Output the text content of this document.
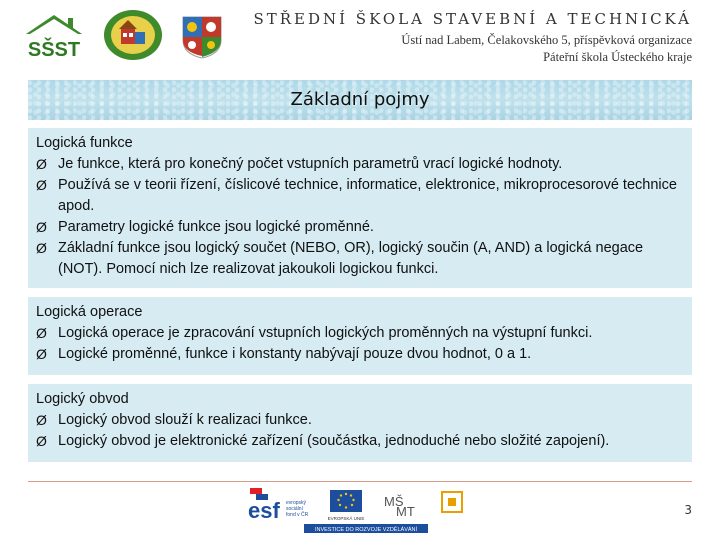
SŠST
STŘEDNÍ ŠKOLA STAVEBNÍ A TECHNICKÁ
Ústí nad Labem, Čelakovského 5, příspěvková organizace
Páteřní škola Ústeckého kraje
Základní pojmy
Logická funkce
Ø Je funkce, která pro konečný počet vstupních parametrů vrací logické hodnoty.
Ø Používá se v teorii řízení, číslicové technice, informatice, elektronice, mikroprocesorové technice apod.
Ø Parametry logické funkce jsou logické proměnné.
Ø Základní funkce jsou logický součet (NEBO, OR), logický součin (A, AND) a logická negace (NOT). Pomocí nich lze realizovat jakoukoli logickou funkci.
Logická operace
Ø Logická operace je zpracování vstupních logických proměnných na výstupní funkci.
Ø Logické proměnné, funkce i konstanty nabývají pouze dvou hodnot, 0 a 1.
Logický obvod
Ø Logický obvod slouží k realizaci funkce.
Ø Logický obvod je elektronické zařízení (součástka, jednoduché nebo složité zapojení).
esf evropský
sociální
fond v ČR
EVROPSKÁ UNIE
MŠ
MT
INVESTICE DO ROZVOJE VZDĚLÁVÁNÍ
3
